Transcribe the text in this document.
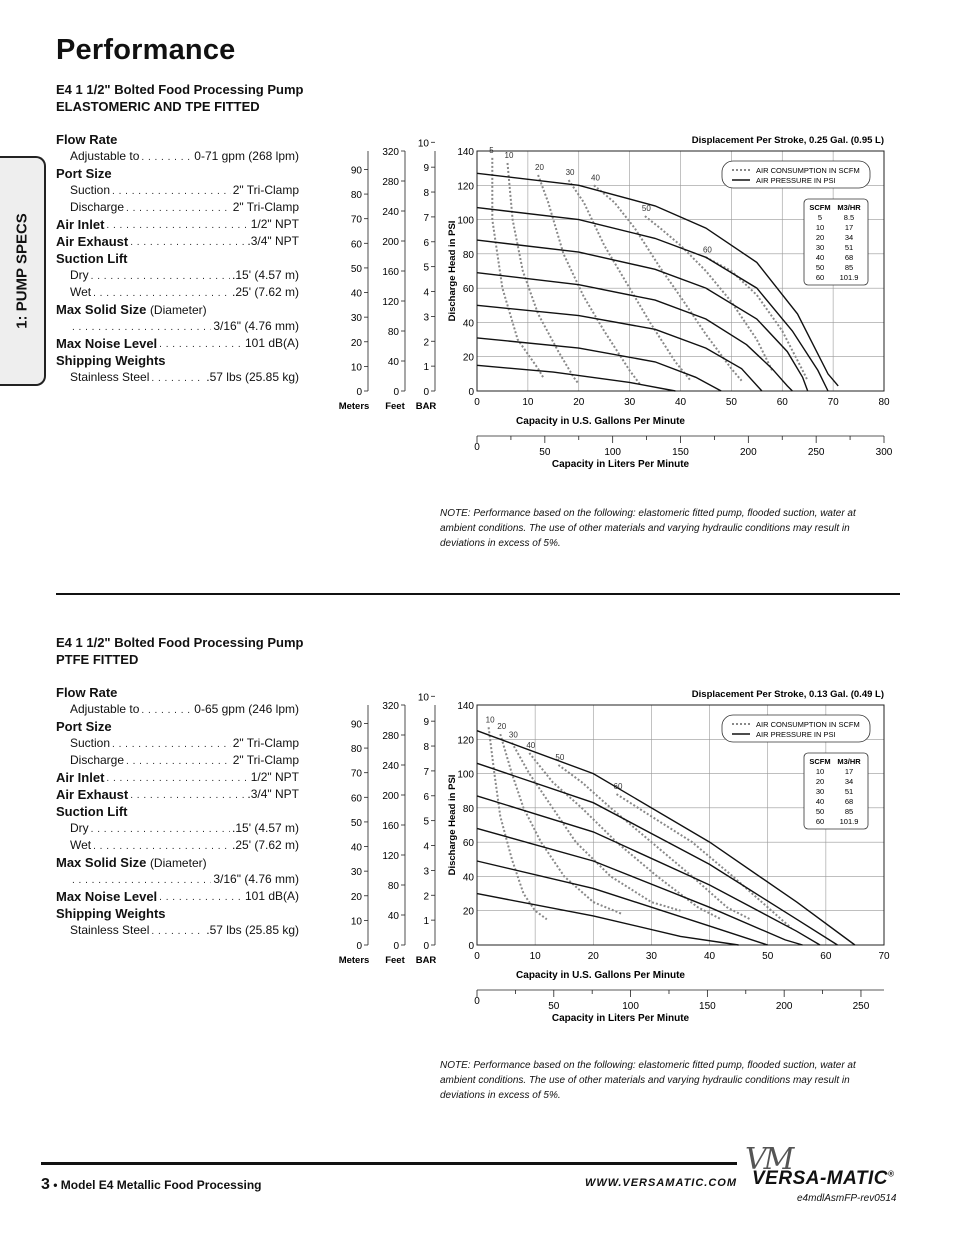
Performance
1: PUMP SPECS
E4 1 1/2" Bolted Food Processing Pump
ELASTOMERIC AND TPE FITTED
Flow Rate
Adjustable to . . .	0-71 gpm (268 lpm)
Port Size
Suction . . .	2" Tri-Clamp
Discharge . . .	2" Tri-Clamp
Air Inlet . . .	1/2" NPT
Air Exhaust . . .	.3/4" NPT
Suction Lift
Dry . . .	.15' (4.57 m)
Wet . . .	.25' (7.62 m)
Max Solid Size (Diameter)
. . .
3/16" (4.76 mm)
Max Noise Level . . .	101 dB(A)
Shipping Weights
Stainless Steel . . .	.57 lbs (25.85 kg)
0	10	20	30	40	50	60	70	80
0
20
40
60
80
100
120
140
Discharge Head in PSI
Capacity in U.S. Gallons Per Minute
Displacement Per Stroke, 0.25 Gal. (0.95 L)
0
10
20
30
40
50
60
70
80
90
0
40
80
120
160
200
240
280
320
0
1
2
3
4
5
6
7
8
9
10
Meters Feet BAR
5
10
20
30
40
50
60
AIR CONSUMPTION IN SCFM
AIR PRESSURE IN PSI
SCFM M3/HR
5	8.5
10	17
20	34
30	51
40	68
50	85
60 101.9
0	50	100	150	200	250	300
Capacity in Liters Per Minute
NOTE: Performance based on the following: elastomeric fitted pump, flooded suction, water at ambient conditions. The use of other materials and varying hydraulic conditions may result in deviations in excess of 5%.
E4 1 1/2" Bolted Food Processing Pump
PTFE FITTED
Flow Rate
Adjustable to . . .	0-65 gpm (246 lpm)
Port Size
Suction . . .	2" Tri-Clamp
Discharge . . .	2" Tri-Clamp
Air Inlet . . .	1/2" NPT
Air Exhaust . . .	.3/4" NPT
Suction Lift
Dry . . .	.15' (4.57 m)
Wet . . .	.25' (7.62 m)
Max Solid Size (Diameter)
. . .
3/16" (4.76 mm)
Max Noise Level . . .	101 dB(A)
Shipping Weights
Stainless Steel . . .	.57 lbs (25.85 kg)
0	10	20	30	40	50	60	70
0
20
40
60
80
100
120
140
Discharge Head in PSI
Capacity in U.S. Gallons Per Minute
Displacement Per Stroke, 0.13 Gal. (0.49 L)
0
10
20
30
40
50
60
70
80
90
0
40
80
120
160
200
240
280
320
0
1
2
3
4
5
6
7
8
9
10
Meters Feet BAR
10
20
30
40
50
60
AIR CONSUMPTION IN SCFM
AIR PRESSURE IN PSI
SCFM M3/HR
10	17
20	34
30	51
40	68
50	85
60 101.9
0	50	100	150	200	250
Capacity in Liters Per Minute
NOTE: Performance based on the following: elastomeric fitted pump, flooded suction, water at ambient conditions. The use of other materials and varying hydraulic conditions may result in deviations in excess of 5%.
3 • Model E4 Metallic Food Processing	WWW.VERSAMATIC.COM
VM
VERSA-MATIC®
e4mdlAsmFP-rev0514
